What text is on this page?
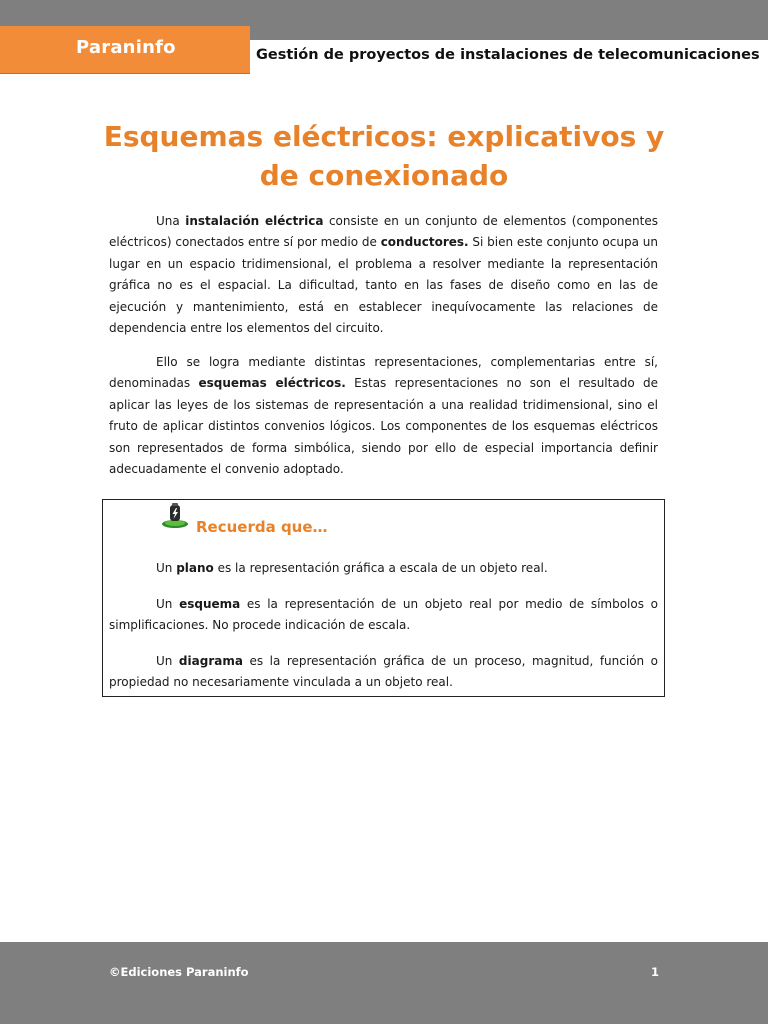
Paraninfo	Gestión de proyectos de instalaciones de telecomunicaciones
Esquemas eléctricos: explicativos y de conexionado

Una instalación eléctrica consiste en un conjunto de elementos (componentes eléctricos) conectados entre sí por medio de conductores. Si bien este conjunto ocupa un lugar en un espacio tridimensional, el problema a resolver mediante la representación gráfica no es el espacial. La dificultad, tanto en las fases de diseño como en las de ejecución y mantenimiento, está en establecer inequívocamente las relaciones de dependencia entre los elementos del circuito.

Ello se logra mediante distintas representaciones, complementarias entre sí, denominadas esquemas eléctricos. Estas representaciones no son el resultado de aplicar las leyes de los sistemas de representación a una realidad tridimensional, sino el fruto de aplicar distintos convenios lógicos. Los componentes de los esquemas eléctricos son representados de forma simbólica, siendo por ello de especial importancia definir adecuadamente el convenio adoptado.

Recuerda que…

Un plano es la representación gráfica a escala de un objeto real.

Un esquema es la representación de un objeto real por medio de símbolos o simplificaciones. No procede indicación de escala.

Un diagrama es la representación gráfica de un proceso, magnitud, función o propiedad no necesariamente vinculada a un objeto real.

©Ediciones Paraninfo	1
